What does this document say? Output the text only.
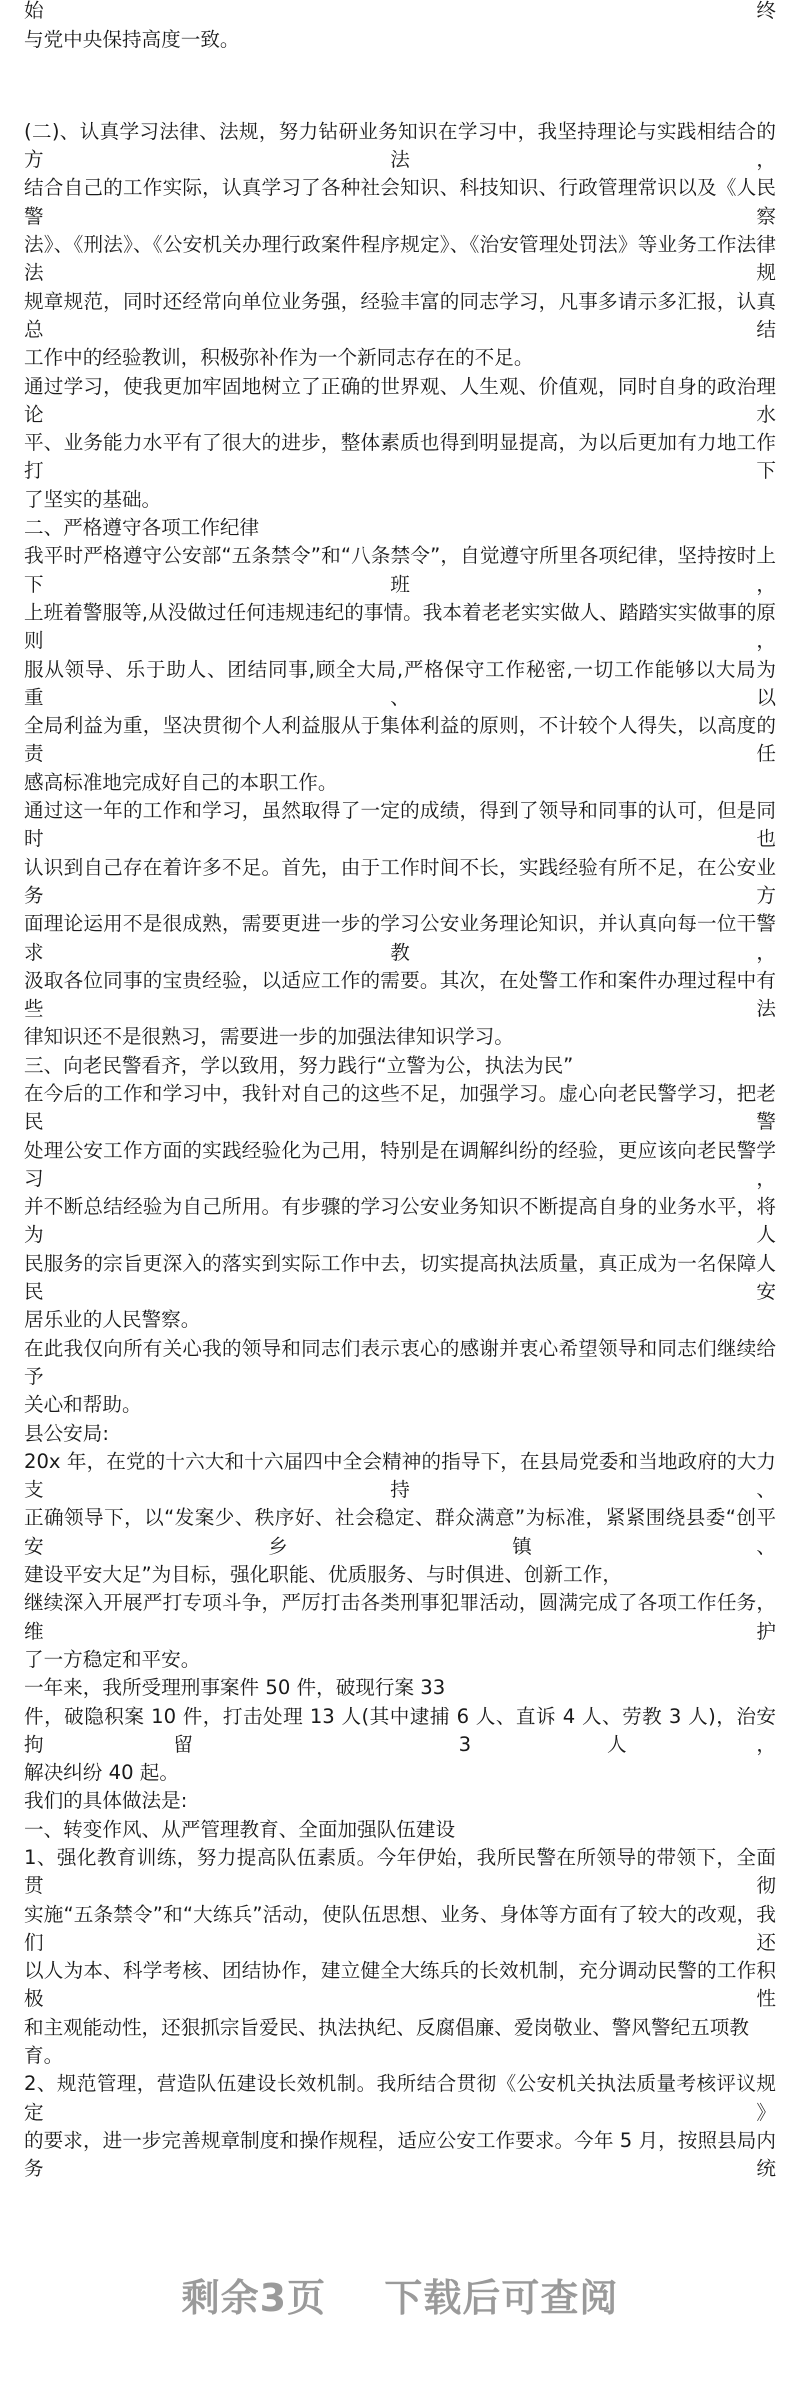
始终
与党中央保持高度一致。
(二)、认真学习法律、法规，努力钻研业务知识在学习中，我坚持理论与实践相结合的方法，
结合自己的工作实际，认真学习了各种社会知识、科技知识、行政管理常识以及《人民警察
法》、《刑法》、《公安机关办理行政案件程序规定》、《治安管理处罚法》等业务工作法律法规
规章规范，同时还经常向单位业务强，经验丰富的同志学习，凡事多请示多汇报，认真总结
工作中的经验教训，积极弥补作为一个新同志存在的不足。
通过学习，使我更加牢固地树立了正确的世界观、人生观、价值观，同时自身的政治理论水
平、业务能力水平有了很大的进步，整体素质也得到明显提高，为以后更加有力地工作打下
了坚实的基础。
二、严格遵守各项工作纪律
我平时严格遵守公安部“五条禁令”和“八条禁令”，自觉遵守所里各项纪律，坚持按时上下班，
上班着警服等,从没做过任何违规违纪的事情。我本着老老实实做人、踏踏实实做事的原则，
服从领导、乐于助人、团结同事,顾全大局,严格保守工作秘密,一切工作能够以大局为重、以
全局利益为重，坚决贯彻个人利益服从于集体利益的原则，不计较个人得失，以高度的责任
感高标准地完成好自己的本职工作。
通过这一年的工作和学习，虽然取得了一定的成绩，得到了领导和同事的认可，但是同时也
认识到自己存在着许多不足。首先，由于工作时间不长，实践经验有所不足，在公安业务方
面理论运用不是很成熟，需要更进一步的学习公安业务理论知识，并认真向每一位干警求教，
汲取各位同事的宝贵经验，以适应工作的需要。其次，在处警工作和案件办理过程中有些法
律知识还不是很熟习，需要进一步的加强法律知识学习。
三、向老民警看齐，学以致用，努力践行“立警为公，执法为民”
在今后的工作和学习中，我针对自己的这些不足，加强学习。虚心向老民警学习，把老民警
处理公安工作方面的实践经验化为己用，特别是在调解纠纷的经验，更应该向老民警学习，
并不断总结经验为自己所用。有步骤的学习公安业务知识不断提高自身的业务水平，将为人
民服务的宗旨更深入的落实到实际工作中去，切实提高执法质量，真正成为一名保障人民安
居乐业的人民警察。
在此我仅向所有关心我的领导和同志们表示衷心的感谢并衷心希望领导和同志们继续给予
关心和帮助。
县公安局:
20x 年，在党的十六大和十六届四中全会精神的指导下，在县局党委和当地政府的大力支持、
正确领导下，以“发案少、秩序好、社会稳定、群众满意”为标准，紧紧围绕县委“创平安乡镇、
建设平安大足”为目标，强化职能、优质服务、与时俱进、创新工作，
继续深入开展严打专项斗争，严厉打击各类刑事犯罪活动，圆满完成了各项工作任务，维护
了一方稳定和平安。
一年来，我所受理刑事案件 50 件，破现行案 33
件，破隐积案 10 件，打击处理 13 人(其中逮捕 6 人、直诉 4 人、劳教 3 人)，治安拘留 3 人，
解决纠纷 40 起。
我们的具体做法是:
一、转变作风、从严管理教育、全面加强队伍建设
1、强化教育训练，努力提高队伍素质。今年伊始，我所民警在所领导的带领下，全面贯彻
实施“五条禁令”和“大练兵”活动，使队伍思想、业务、身体等方面有了较大的改观，我们还
以人为本、科学考核、团结协作，建立健全大练兵的长效机制，充分调动民警的工作积极性
和主观能动性，还狠抓宗旨爱民、执法执纪、反腐倡廉、爱岗敬业、警风警纪五项教育。
2、规范管理，营造队伍建设长效机制。我所结合贯彻《公安机关执法质量考核评议规定》
的要求，进一步完善规章制度和操作规程，适应公安工作要求。今年 5 月，按照县局内务统
剩余3页 下载后可查阅
